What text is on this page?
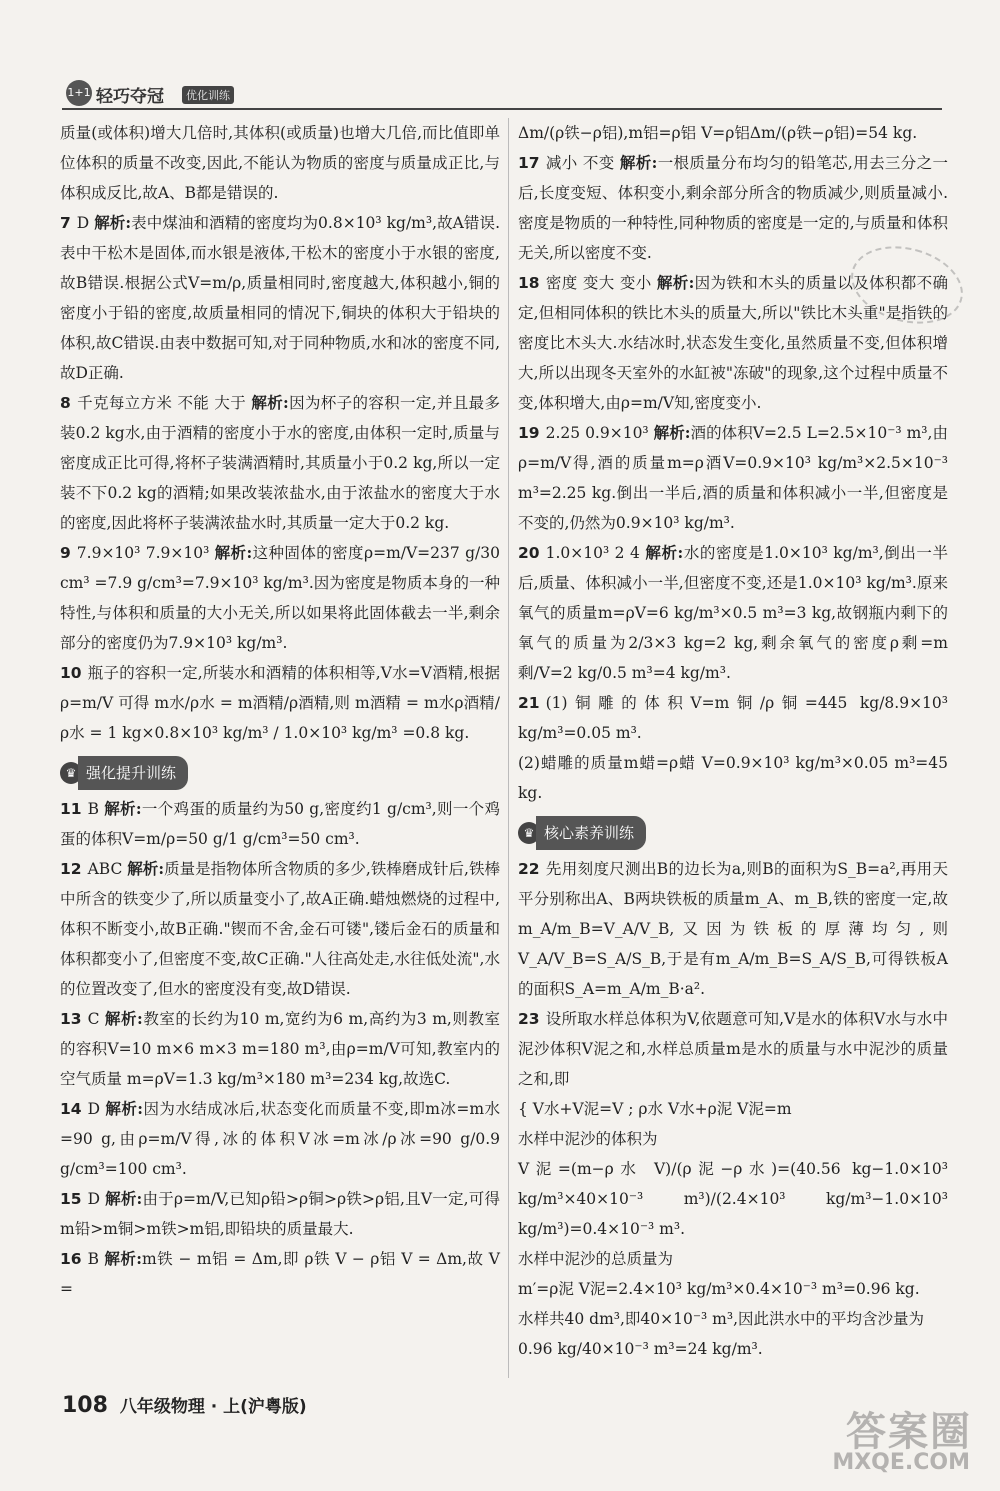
1+1 轻巧夺冠	优化训练

质量(或体积)增大几倍时,其体积(或质量)也增大几倍,而比值即单位体积的质量不改变,因此,不能认为物质的密度与质量成正比,与体积成反比,故A、B都是错误的.

7 D 解析:表中煤油和酒精的密度均为0.8×10³ kg/m³,故A错误.表中干松木是固体,而水银是液体,干松木的密度小于水银的密度,故B错误.根据公式V=m/ρ,质量相同时,密度越大,体积越小,铜的密度小于铅的密度,故质量相同的情况下,铜块的体积大于铅块的体积,故C错误.由表中数据可知,对于同种物质,水和冰的密度不同,故D正确.

8 千克每立方米 不能 大于 解析:因为杯子的容积一定,并且最多装0.2 kg水,由于酒精的密度小于水的密度,由体积一定时,质量与密度成正比可得,将杯子装满酒精时,其质量小于0.2 kg,所以一定装不下0.2 kg的酒精;如果改装浓盐水,由于浓盐水的密度大于水的密度,因此将杯子装满浓盐水时,其质量一定大于0.2 kg.

9 7.9×10³ 7.9×10³ 解析:这种固体的密度ρ=m/V=237 g/30 cm³ =7.9 g/cm³=7.9×10³ kg/m³.因为密度是物质本身的一种特性,与体积和质量的大小无关,所以如果将此固体截去一半,剩余部分的密度仍为7.9×10³ kg/m³.

10 瓶子的容积一定,所装水和酒精的体积相等,V水=V酒精,根据ρ=m/V 可得 m水/ρ水 = m酒精/ρ酒精,则 m酒精 = m水ρ酒精/ρ水 = 1 kg×0.8×10³ kg/m³ / 1.0×10³ kg/m³ =0.8 kg.

♛ 强化提升训练

11 B 解析:一个鸡蛋的质量约为50 g,密度约1 g/cm³,则一个鸡蛋的体积V=m/ρ=50 g/1 g/cm³=50 cm³.

12 ABC 解析:质量是指物体所含物质的多少,铁棒磨成针后,铁棒中所含的铁变少了,所以质量变小了,故A正确.蜡烛燃烧的过程中,体积不断变小,故B正确."锲而不舍,金石可镂",镂后金石的质量和体积都变小了,但密度不变,故C正确."人往高处走,水往低处流",水的位置改变了,但水的密度没有变,故D错误.

13 C 解析:教室的长约为10 m,宽约为6 m,高约为3 m,则教室的容积V=10 m×6 m×3 m=180 m³,由ρ=m/V可知,教室内的空气质量 m=ρV=1.3 kg/m³×180 m³=234 kg,故选C.

14 D 解析:因为水结成冰后,状态变化而质量不变,即m冰=m水=90 g,由ρ=m/V得,冰的体积V冰=m冰/ρ冰=90 g/0.9 g/cm³=100 cm³.

15 D 解析:由于ρ=m/V,已知ρ铅>ρ铜>ρ铁>ρ铝,且V一定,可得m铅>m铜>m铁>m铝,即铅块的质量最大.

16 B 解析:m铁 − m铝 = Δm,即 ρ铁 V − ρ铝 V = Δm,故 V =

Δm/(ρ铁−ρ铝),m铝=ρ铝 V=ρ铝Δm/(ρ铁−ρ铝)=54 kg.

17 减小 不变 解析:一根质量分布均匀的铅笔芯,用去三分之一后,长度变短、体积变小,剩余部分所含的物质减少,则质量减小.密度是物质的一种特性,同种物质的密度是一定的,与质量和体积无关,所以密度不变.

18 密度 变大 变小 解析:因为铁和木头的质量以及体积都不确定,但相同体积的铁比木头的质量大,所以"铁比木头重"是指铁的密度比木头大.水结冰时,状态发生变化,虽然质量不变,但体积增大,所以出现冬天室外的水缸被"冻破"的现象,这个过程中质量不变,体积增大,由ρ=m/V知,密度变小.

19 2.25 0.9×10³ 解析:酒的体积V=2.5 L=2.5×10⁻³ m³,由ρ=m/V得,酒的质量m=ρ酒V=0.9×10³ kg/m³×2.5×10⁻³ m³=2.25 kg.倒出一半后,酒的质量和体积减小一半,但密度是不变的,仍然为0.9×10³ kg/m³.

20 1.0×10³ 2 4 解析:水的密度是1.0×10³ kg/m³,倒出一半后,质量、体积减小一半,但密度不变,还是1.0×10³ kg/m³.原来氧气的质量m=ρV=6 kg/m³×0.5 m³=3 kg,故钢瓶内剩下的氧气的质量为2/3×3 kg=2 kg,剩余氧气的密度ρ剩=m剩/V=2 kg/0.5 m³=4 kg/m³.

21 (1)铜雕的体积V=m铜/ρ铜=445 kg/8.9×10³ kg/m³=0.05 m³.

(2)蜡雕的质量m蜡=ρ蜡 V=0.9×10³ kg/m³×0.05 m³=45 kg.

♛ 核心素养训练

22 先用刻度尺测出B的边长为a,则B的面积为S_B=a²,再用天平分别称出A、B两块铁板的质量m_A、m_B,铁的密度一定,故m_A/m_B=V_A/V_B,又因为铁板的厚薄均匀,则V_A/V_B=S_A/S_B,于是有m_A/m_B=S_A/S_B,可得铁板A的面积S_A=m_A/m_B·a².

23 设所取水样总体积为V,依题意可知,V是水的体积V水与水中泥沙体积V泥之和,水样总质量m是水的质量与水中泥沙的质量之和,即

{ V水+V泥=V ; ρ水 V水+ρ泥 V泥=m

水样中泥沙的体积为

V泥=(m−ρ水 V)/(ρ泥−ρ水)=(40.56 kg−1.0×10³ kg/m³×40×10⁻³ m³)/(2.4×10³ kg/m³−1.0×10³ kg/m³)=0.4×10⁻³ m³.

水样中泥沙的总质量为

m′=ρ泥 V泥=2.4×10³ kg/m³×0.4×10⁻³ m³=0.96 kg.

水样共40 dm³,即40×10⁻³ m³,因此洪水中的平均含沙量为

0.96 kg/40×10⁻³ m³=24 kg/m³.

108 八年级物理 · 上(沪粤版)
答案圈
MXQE.COM
